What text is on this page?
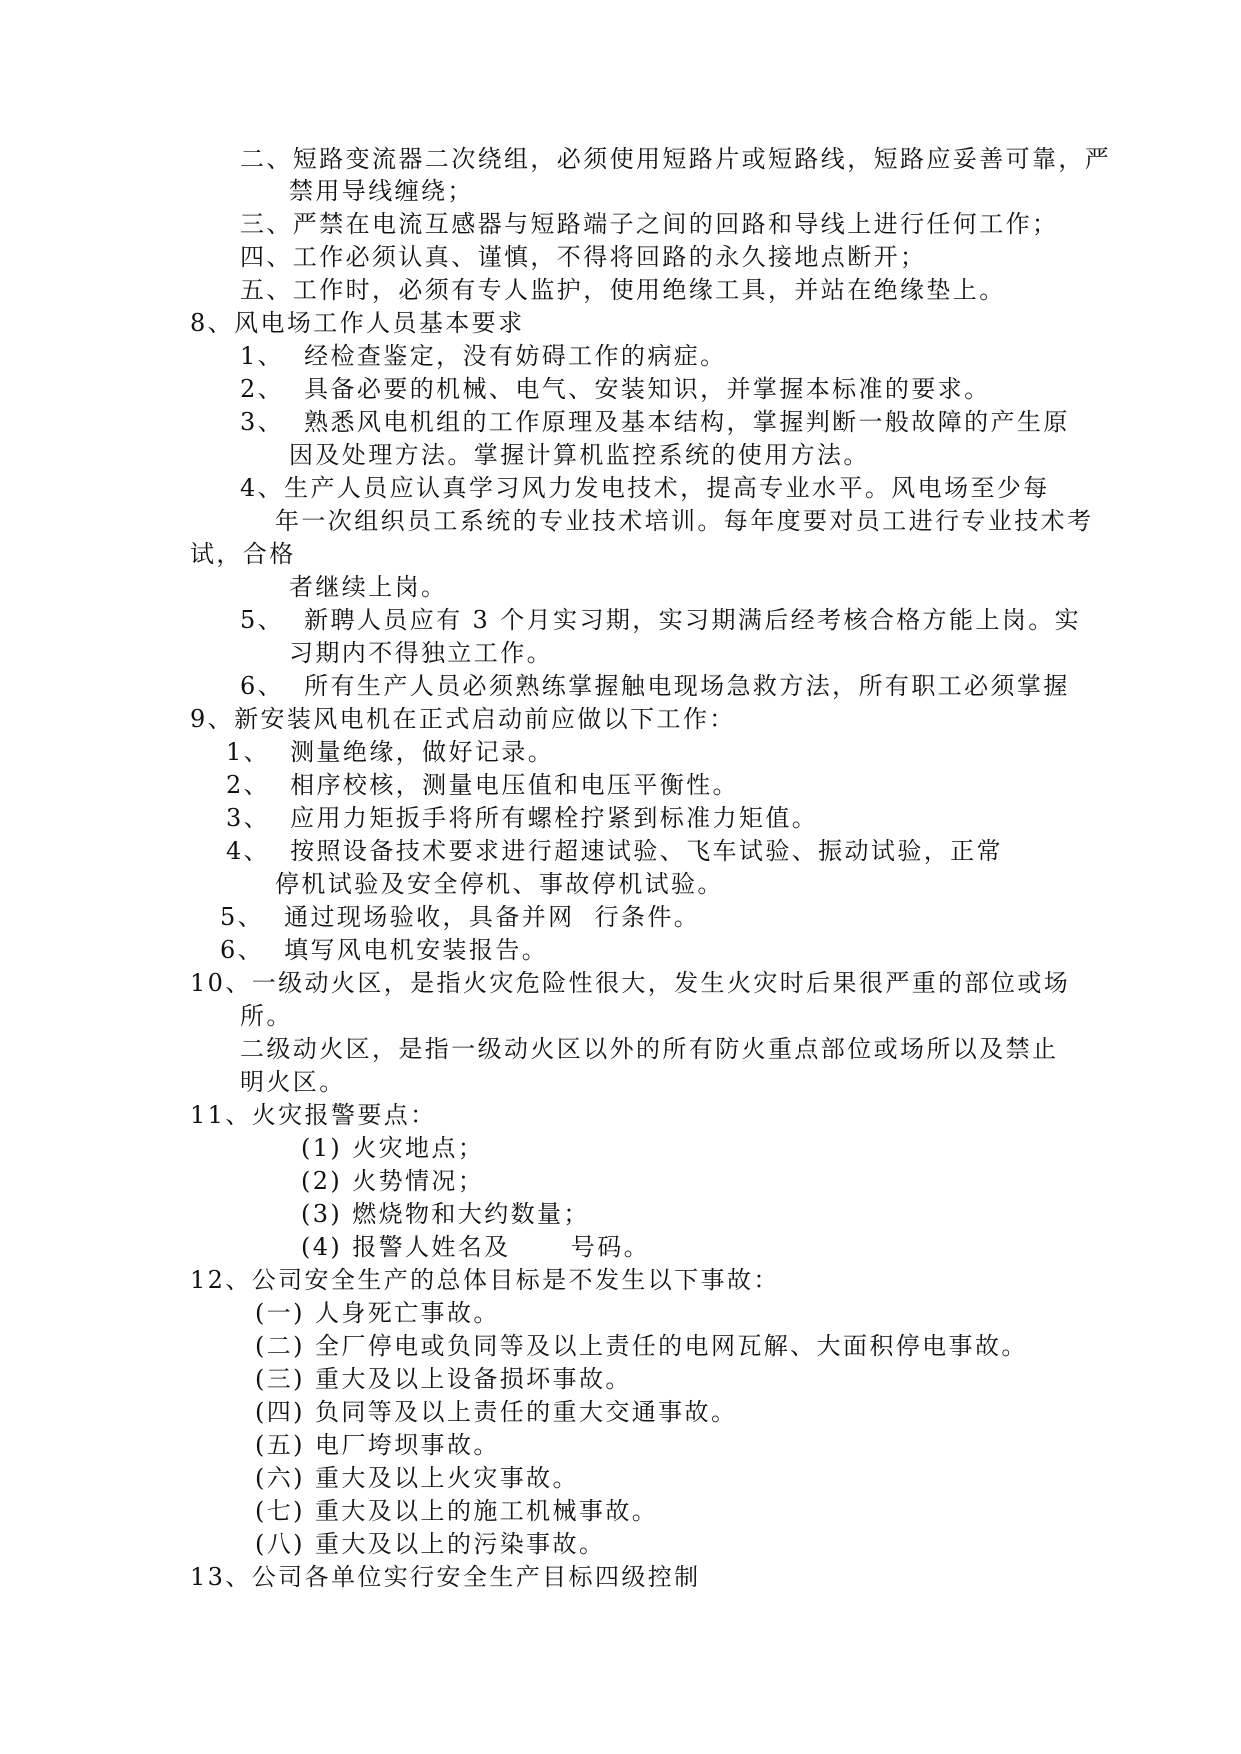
二、短路变流器二次绕组，必须使用短路片或短路线，短路应妥善可靠，严
禁用导线缠绕；
三、严禁在电流互感器与短路端子之间的回路和导线上进行任何工作；
四、工作必须认真、谨慎，不得将回路的永久接地点断开；
五、工作时，必须有专人监护，使用绝缘工具，并站在绝缘垫上。
8、风电场工作人员基本要求
1、  经检查鉴定，没有妨碍工作的病症。
2、  具备必要的机械、电气、安装知识，并掌握本标准的要求。
3、  熟悉风电机组的工作原理及基本结构，掌握判断一般故障的产生原
因及处理方法。掌握计算机监控系统的使用方法。
4、生产人员应认真学习风力发电技术，提高专业水平。风电场至少每
年一次组织员工系统的专业技术培训。每年度要对员工进行专业技术考
试，合格
者继续上岗。
5、  新聘人员应有 3 个月实习期，实习期满后经考核合格方能上岗。实
习期内不得独立工作。
6、  所有生产人员必须熟练掌握触电现场急救方法，所有职工必须掌握
9、新安装风电机在正式启动前应做以下工作：
1、  测量绝缘，做好记录。
2、  相序校核，测量电压值和电压平衡性。
3、  应用力矩扳手将所有螺栓拧紧到标准力矩值。
4、  按照设备技术要求进行超速试验、飞车试验、振动试验，正常
停机试验及安全停机、事故停机试验。
5、  通过现场验收，具备并网  行条件。
6、  填写风电机安装报告。
10、一级动火区，是指火灾危险性很大，发生火灾时后果很严重的部位或场
所。
二级动火区，是指一级动火区以外的所有防火重点部位或场所以及禁止
明火区。
11、火灾报警要点：
(1) 火灾地点；
(2) 火势情况；
(3) 燃烧物和大约数量；
(4) 报警人姓名及      号码。
12、公司安全生产的总体目标是不发生以下事故：
(一) 人身死亡事故。
(二) 全厂停电或负同等及以上责任的电网瓦解、大面积停电事故。
(三) 重大及以上设备损坏事故。
(四) 负同等及以上责任的重大交通事故。
(五) 电厂垮坝事故。
(六) 重大及以上火灾事故。
(七) 重大及以上的施工机械事故。
(八) 重大及以上的污染事故。
13、公司各单位实行安全生产目标四级控制
